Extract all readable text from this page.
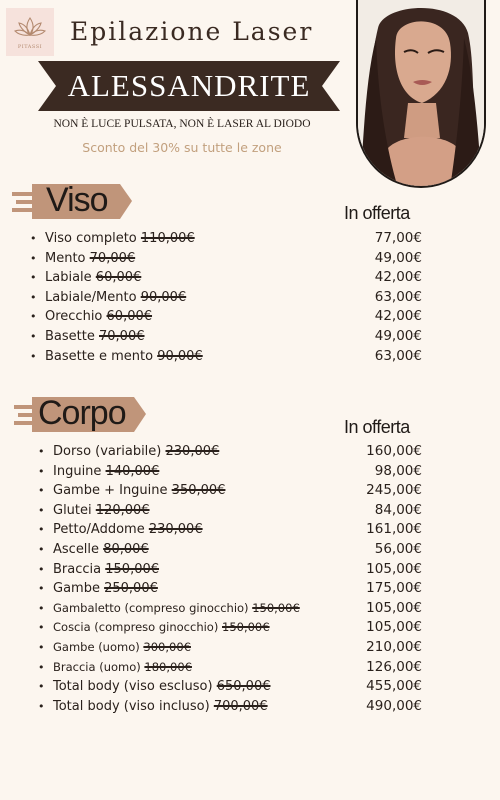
PITASSI
Epilazione Laser
ALESSANDRITE
NON È LUCE PULSATA, NON È LASER AL DIODO
Sconto del 30% su tutte le zone
Viso	In offerta
• Viso completo 110,00€	77,00€
• Mento 70,00€	49,00€
• Labiale 60,00€	42,00€
• Labiale/Mento 90,00€	63,00€
• Orecchio 60,00€	42,00€
• Basette 70,00€	49,00€
• Basette e mento 90,00€	63,00€
Corpo	In offerta
• Dorso (variabile) 230,00€	160,00€
• Inguine 140,00€	98,00€
• Gambe + Inguine 350,00€	245,00€
• Glutei 120,00€	84,00€
• Petto/Addome 230,00€	161,00€
• Ascelle 80,00€	56,00€
• Braccia 150,00€	105,00€
• Gambe 250,00€	175,00€
• Gambaletto (compreso ginocchio) 150,00€	105,00€
• Coscia (compreso ginocchio) 150,00€	105,00€
• Gambe (uomo) 300,00€	210,00€
• Braccia (uomo) 180,00€	126,00€
• Total body (viso escluso) 650,00€	455,00€
• Total body (viso incluso) 700,00€	490,00€
